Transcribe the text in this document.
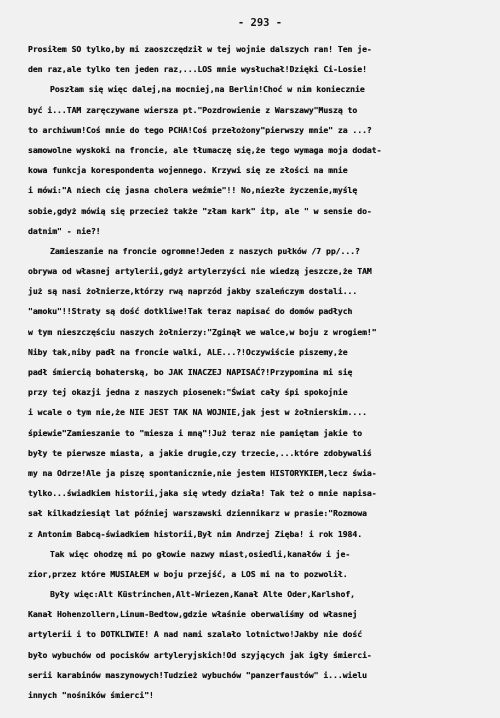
- 293 -
Prosiłem SO tylko,by mi zaoszczędził w tej wojnie dalszych ran! Ten je-
den raz,ale tylko ten jeden raz,...LOS mnie wysłuchał!Dzięki Ci-Losie!
Poszłam się więc dalej,na mocniej,na Berlin!Choć w nim koniecznie
być i...TAM zaręczywane wiersza pt."Pozdrowienie z Warszawy"Muszą to
to archiwum!Coś mnie do tego PCHA!Coś przełożony"pierwszy mnie" za ...?
samowolne wyskoki na froncie, ale tłumaczę się,że tego wymaga moja dodat-
kowa funkcja korespondenta wojennego. Krzywi się ze złości na mnie
i mówi:"A niech cię jasna cholera weźmie"!! No,niezłe życzenie,myślę
sobie,gdyż mówią się przecież także "złam kark" itp, ale " w sensie do-
datnim" - nie?!
Zamieszanie na froncie ogromne!Jeden z naszych pułków /7 pp/...?
obrywa od własnej artylerii,gdyż artylerzyści nie wiedzą jeszcze,że TAM
już są nasi żołnierze,którzy rwą naprzód jakby szaleńczym dostali...
"amoku"!!Straty są dość dotkliwe!Tak teraz napisać do domów padłych
w tym nieszczęściu naszych żołnierzy:"Zginął we walce,w boju z wrogiem!"
Niby tak,niby padł na froncie walki, ALE...?!Oczywiście piszemy,że
padł śmiercią bohaterską, bo JAK INACZEJ NAPISAĆ?!Przypomina mi się
przy tej okazji jedna z naszych piosenek:"Świat cały śpi spokojnie
i wcale o tym nie,że NIE JEST TAK NA WOJNIE,jak jest w żołnierskim....
śpiewie"Zamieszanie to "miesza i mną"!Już teraz nie pamiętam jakie to
były te pierwsze miasta, a jakie drugie,czy trzecie,...które zdobywaliś
my na Odrze!Ale ja piszę spontanicznie,nie jestem HISTORYKIEM,lecz świa-
tylko...świadkiem historii,jaka się wtedy działa! Tak też o mnie napisa-
sał kilkadziesiąt lat później warszawski dziennikarz w prasie:"Rozmowa
z Antonim Babcą-świadkiem historii,Był nim Andrzej Zięba! i rok 1984.
Tak więc ohodzę mi po głowie nazwy miast,osiedli,kanałów i je-
zior,przez które MUSIAŁEM w boju przejść, a LOS mi na to pozwolił.
Były więc:Alt Küstrinchen,Alt-Wriezen,Kanał Alte Oder,Karlshof,
Kanał Hohenzollern,Linum-Bedtow,gdzie właśnie oberwaliśmy od własnej
artylerii i to DOTKLIWIE! A nad nami szalało lotnictwo!Jakby nie dość
było wybuchów od pocisków artyleryjskich!Od szyjących jak igły śmierci-
serii karabinów maszynowych!Tudzież wybuchów "panzerfaustów" i...wielu
innych "nośników śmierci"!
